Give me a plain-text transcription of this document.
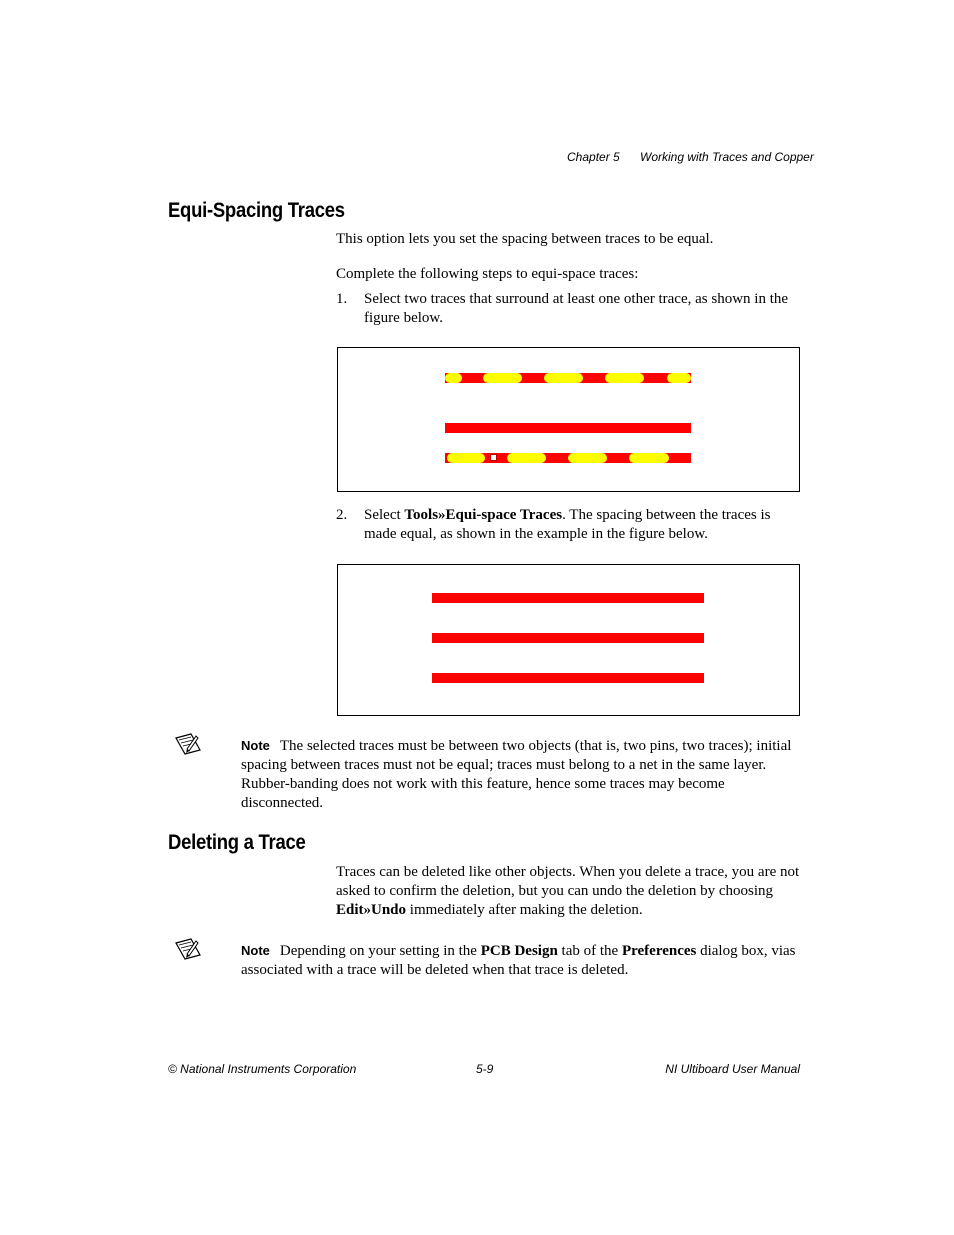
Chapter 5 Working with Traces and Copper
Equi-Spacing Traces
This option lets you set the spacing between traces to be equal.
Complete the following steps to equi-space traces:
1. Select two traces that surround at least one other trace, as shown in the figure below.
2. Select Tools»Equi-space Traces. The spacing between the traces is made equal, as shown in the example in the figure below.
Note The selected traces must be between two objects (that is, two pins, two traces); initial spacing between traces must not be equal; traces must belong to a net in the same layer. Rubber-banding does not work with this feature, hence some traces may become disconnected.
Deleting a Trace
Traces can be deleted like other objects. When you delete a trace, you are not asked to confirm the deletion, but you can undo the deletion by choosing Edit»Undo immediately after making the deletion.
Note Depending on your setting in the PCB Design tab of the Preferences dialog box, vias associated with a trace will be deleted when that trace is deleted.
© National Instruments Corporation	5-9	NI Ultiboard User Manual
